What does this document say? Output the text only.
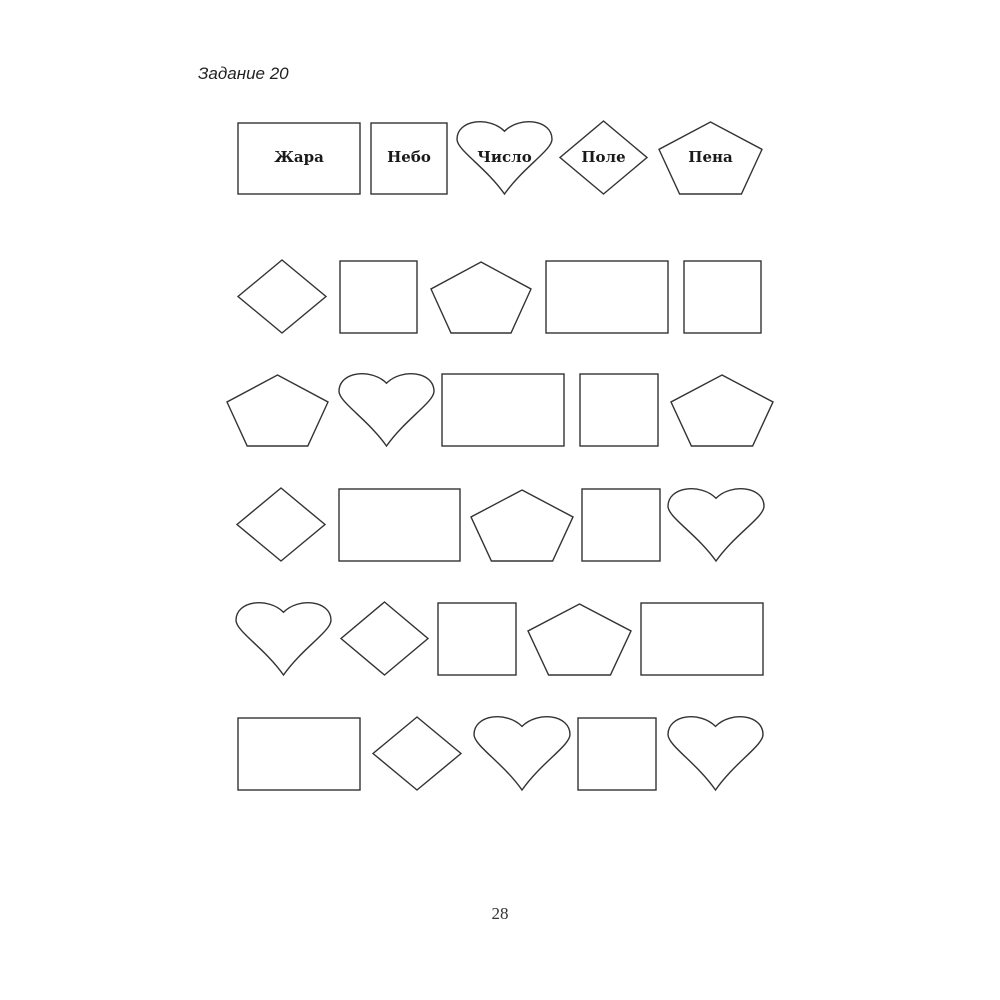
Задание 20
Жара	Небо	Число	Поле	Пена
28
